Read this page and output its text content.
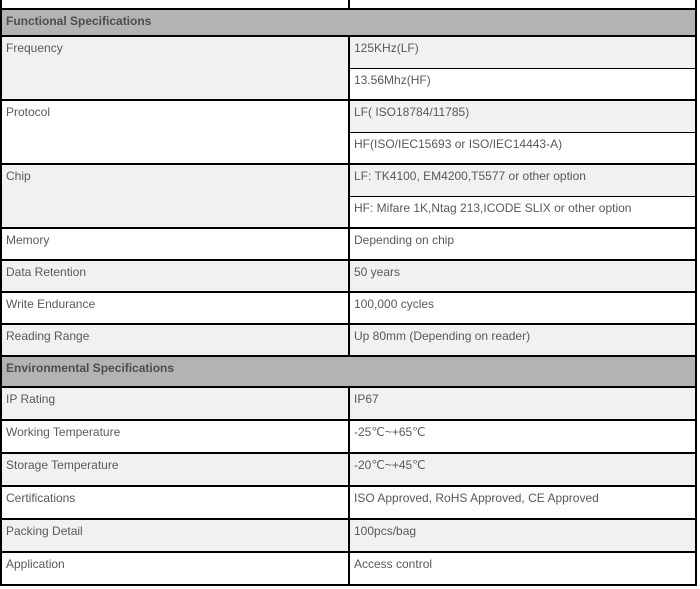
Functional Specifications	
Frequency	125KHz(LF)
	13.56Mhz(HF)
Protocol	LF( ISO18784/11785)
	HF(ISO/IEC15693 or ISO/IEC14443-A)
Chip	LF: TK4100, EM4200,T5577 or other option
	HF: Mifare 1K,Ntag 213,ICODE SLIX or other option
Memory	Depending on chip
Data Retention	50 years
Write Endurance	100,000 cycles
Reading Range	Up 80mm (Depending on reader)
Environmental Specifications	
IP Rating	IP67
Working Temperature	-25℃~+65℃
Storage Temperature	-20℃~+45℃
Certifications	ISO Approved, RoHS Approved, CE Approved
Packing Detail	100pcs/bag
Application	Access control
